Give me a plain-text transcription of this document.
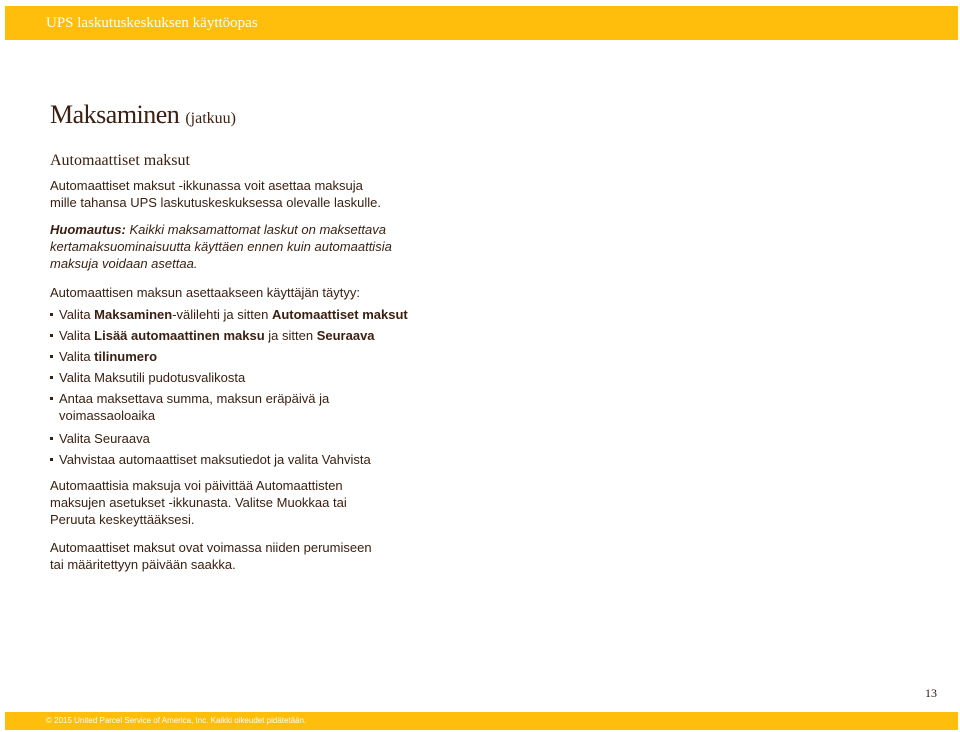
UPS laskutuskeskuksen käyttöopas
Maksaminen (jatkuu)
Automaattiset maksut

Automaattiset maksut -ikkunassa voit asettaa maksuja
mille tahansa UPS laskutuskeskuksessa olevalle laskulle.

Huomautus: Kaikki maksamattomat laskut on maksettava
kertamaksuominaisuutta käyttäen ennen kuin automaattisia
maksuja voidaan asettaa.

Automaattisen maksun asettaakseen käyttäjän täytyy:

Valita Maksaminen-välilehti ja sitten Automaattiset maksut
Valita Lisää automaattinen maksu ja sitten Seuraava
Valita tilinumero
Valita Maksutili pudotusvalikosta
Antaa maksettava summa, maksun eräpäivä ja
voimassaoloaika
Valita Seuraava
Vahvistaa automaattiset maksutiedot ja valita Vahvista

Automaattisia maksuja voi päivittää Automaattisten
maksujen asetukset -ikkunasta. Valitse Muokkaa tai
Peruuta keskeyttääksesi.

Automaattiset maksut ovat voimassa niiden perumiseen
tai määritettyyn päivään saakka.

13
© 2015 United Parcel Service of America, Inc. Kaikki oikeudet pidätetään.
